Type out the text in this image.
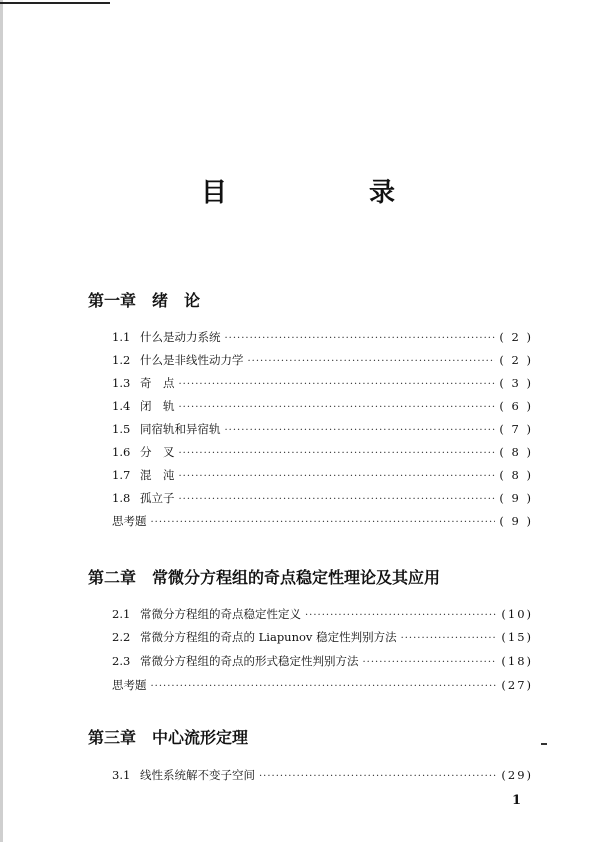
目　录
第一章 绪　论
1.1 什么是动力系统 ·····	( 2 )
1.2 什么是非线性动力学 ·····	( 2 )
1.3 奇　点 ·····	( 3 )
1.4 闭　轨 ·····	( 6 )
1.5 同宿轨和异宿轨 ·····	( 7 )
1.6 分　叉 ·····	( 8 )
1.7 混　沌 ·····	( 8 )
1.8 孤立子 ·····	( 9 )
思考题 ·····	( 9 )
第二章 常微分方程组的奇点稳定性理论及其应用
2.1 常微分方程组的奇点稳定性定义 ·····	(10)
2.2 常微分方程组的奇点的 Liapunov 稳定性判别方法 ·····	(15)
2.3 常微分方程组的奇点的形式稳定性判别方法 ·····	(18)
思考题 ·····	(27)
第三章 中心流形定理
3.1 线性系统解不变子空间 ·····	(29)
1
